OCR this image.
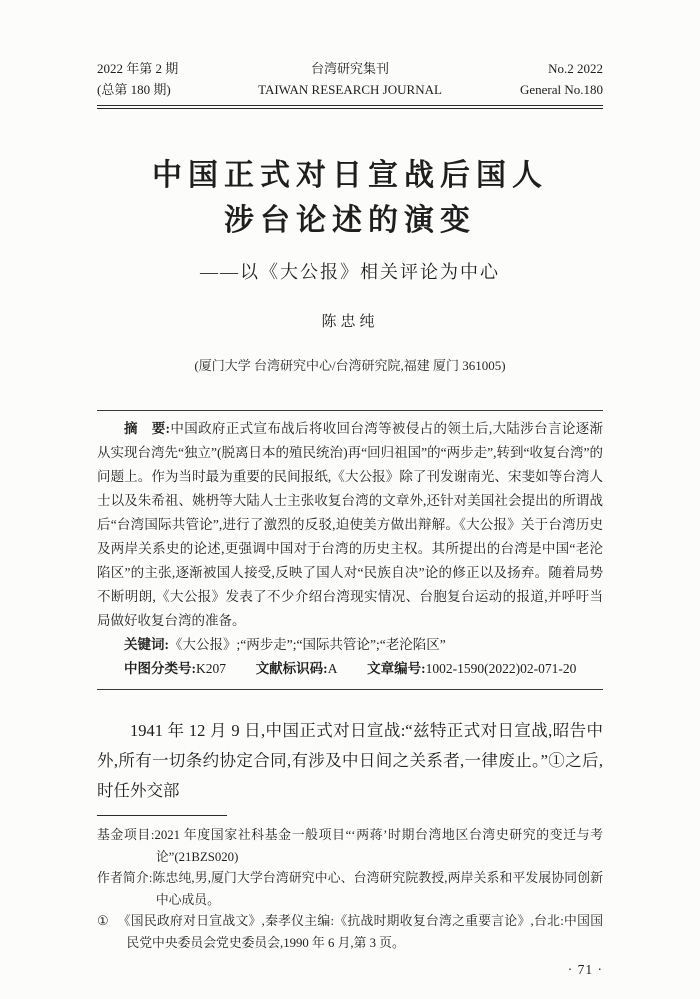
2022 年第 2 期
(总第 180 期)
台湾研究集刊
TAIWAN RESEARCH JOURNAL
No.2 2022
General No.180
中国正式对日宣战后国人
涉台论述的演变
——以《大公报》相关评论为中心
陈忠纯
(厦门大学 台湾研究中心/台湾研究院,福建 厦门 361005)

摘　要:中国政府正式宣布战后将收回台湾等被侵占的领土后,大陆涉台言论逐渐从实现台湾先“独立”(脱离日本的殖民统治)再“回归祖国”的“两步走”,转到“收复台湾”的问题上。作为当时最为重要的民间报纸,《大公报》除了刊发谢南光、宋斐如等台湾人士以及朱希祖、姚枬等大陆人士主张收复台湾的文章外,还针对美国社会提出的所谓战后“台湾国际共管论”,进行了激烈的反驳,迫使美方做出辩解。《大公报》关于台湾历史及两岸关系史的论述,更强调中国对于台湾的历史主权。其所提出的台湾是中国“老沦陷区”的主张,逐渐被国人接受,反映了国人对“民族自决”论的修正以及扬弃。随着局势不断明朗,《大公报》发表了不少介绍台湾现实情况、台胞复台运动的报道,并呼吁当局做好收复台湾的准备。

关键词:《大公报》;“两步走”;“国际共管论”;“老沦陷区”

中图分类号:K207 文献标识码:A 文章编号:1002-1590(2022)02-071-20

1941 年 12 月 9 日,中国正式对日宣战:“兹特正式对日宣战,昭告中外,所有一切条约协定合同,有涉及中日间之关系者,一律废止。”①之后,时任外交部

基金项目:2021 年度国家社科基金一般项目“‘两蒋’时期台湾地区台湾史研究的变迁与考论”(21BZS020)

作者简介:陈忠纯,男,厦门大学台湾研究中心、台湾研究院教授,两岸关系和平发展协同创新中心成员。

① 《国民政府对日宣战文》,秦孝仪主编:《抗战时期收复台湾之重要言论》,台北:中国国民党中央委员会党史委员会,1990 年 6 月,第 3 页。

· 71 ·
